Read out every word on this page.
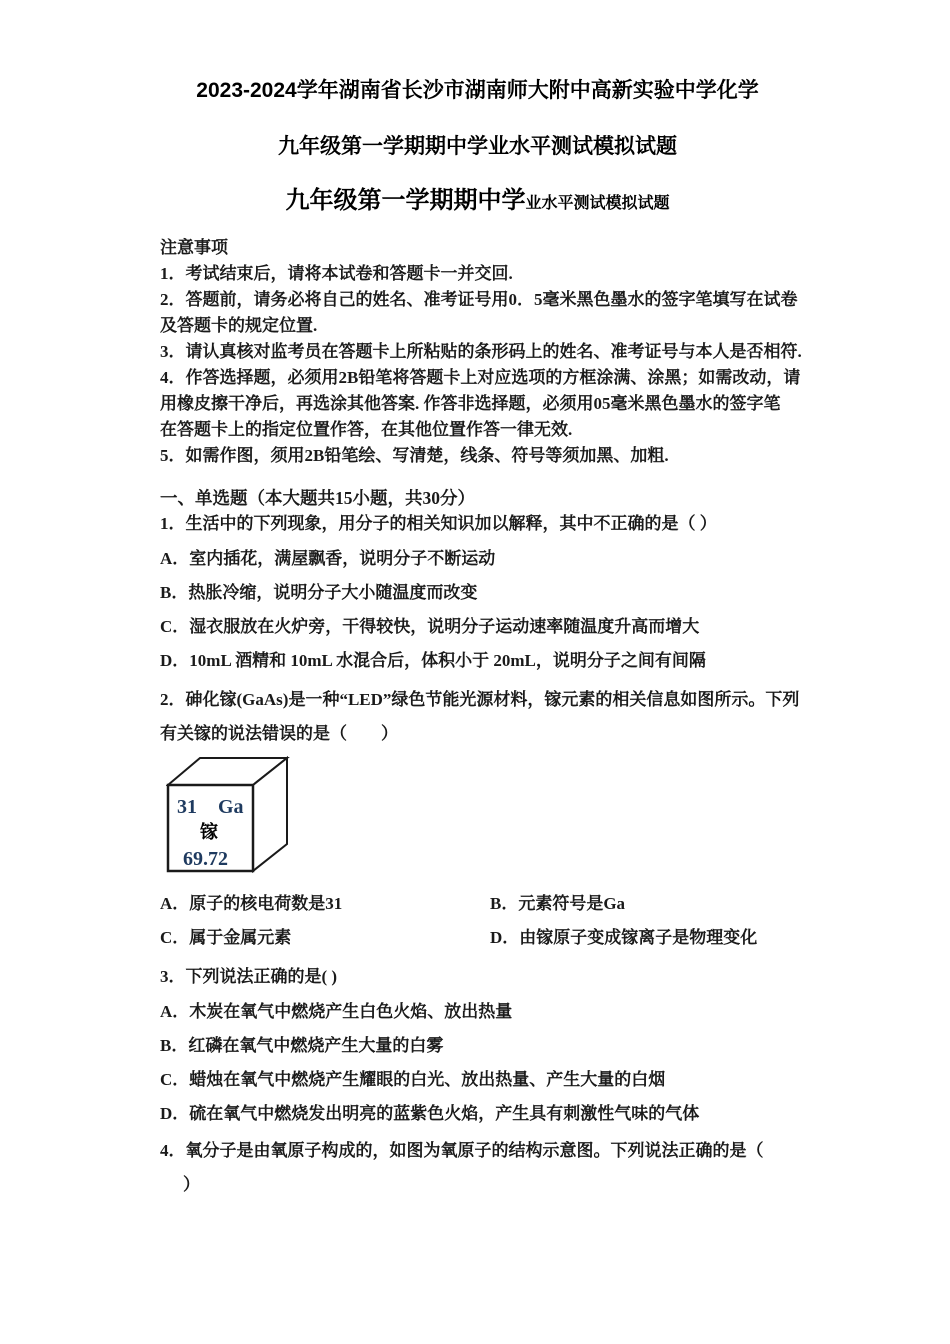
2023-2024学年湖南省长沙市湖南师大附中高新实验中学化学
九年级第一学期期中学业水平测试模拟试题
九年级第一学期期中学业水平测试模拟试题
注意事项
1．考试结束后，请将本试卷和答题卡一并交回.
2．答题前，请务必将自己的姓名、准考证号用0．5毫米黑色墨水的签字笔填写在试卷
及答题卡的规定位置.
3．请认真核对监考员在答题卡上所粘贴的条形码上的姓名、准考证号与本人是否相符.
4．作答选择题，必须用2B铅笔将答题卡上对应选项的方框涂满、涂黑；如需改动，请
用橡皮擦干净后，再选涂其他答案. 作答非选择题，必须用05毫米黑色墨水的签字笔
在答题卡上的指定位置作答，在其他位置作答一律无效.
5．如需作图，须用2B铅笔绘、写清楚，线条、符号等须加黑、加粗.
一、单选题（本大题共15小题，共30分）
1．生活中的下列现象，用分子的相关知识加以解释，其中不正确的是（ ）
A．室内插花，满屋飘香，说明分子不断运动
B．热胀冷缩，说明分子大小随温度而改变
C．湿衣服放在火炉旁，干得较快，说明分子运动速率随温度升高而增大
D．10mL 酒精和 10mL 水混合后，体积小于 20mL，说明分子之间有间隔
2．砷化镓(GaAs)是一种“LED”绿色节能光源材料，镓元素的相关信息如图所示。下列
有关镓的说法错误的是（　　）
31 Ga
镓
69.72
A．原子的核电荷数是31	B．元素符号是Ga
C．属于金属元素	D．由镓原子变成镓离子是物理变化
3．下列说法正确的是( )
A．木炭在氧气中燃烧产生白色火焰、放出热量
B．红磷在氧气中燃烧产生大量的白雾
C．蜡烛在氧气中燃烧产生耀眼的白光、放出热量、产生大量的白烟
D．硫在氧气中燃烧发出明亮的蓝紫色火焰，产生具有刺激性气味的气体
4．氧分子是由氧原子构成的，如图为氧原子的结构示意图。下列说法正确的是（
）
